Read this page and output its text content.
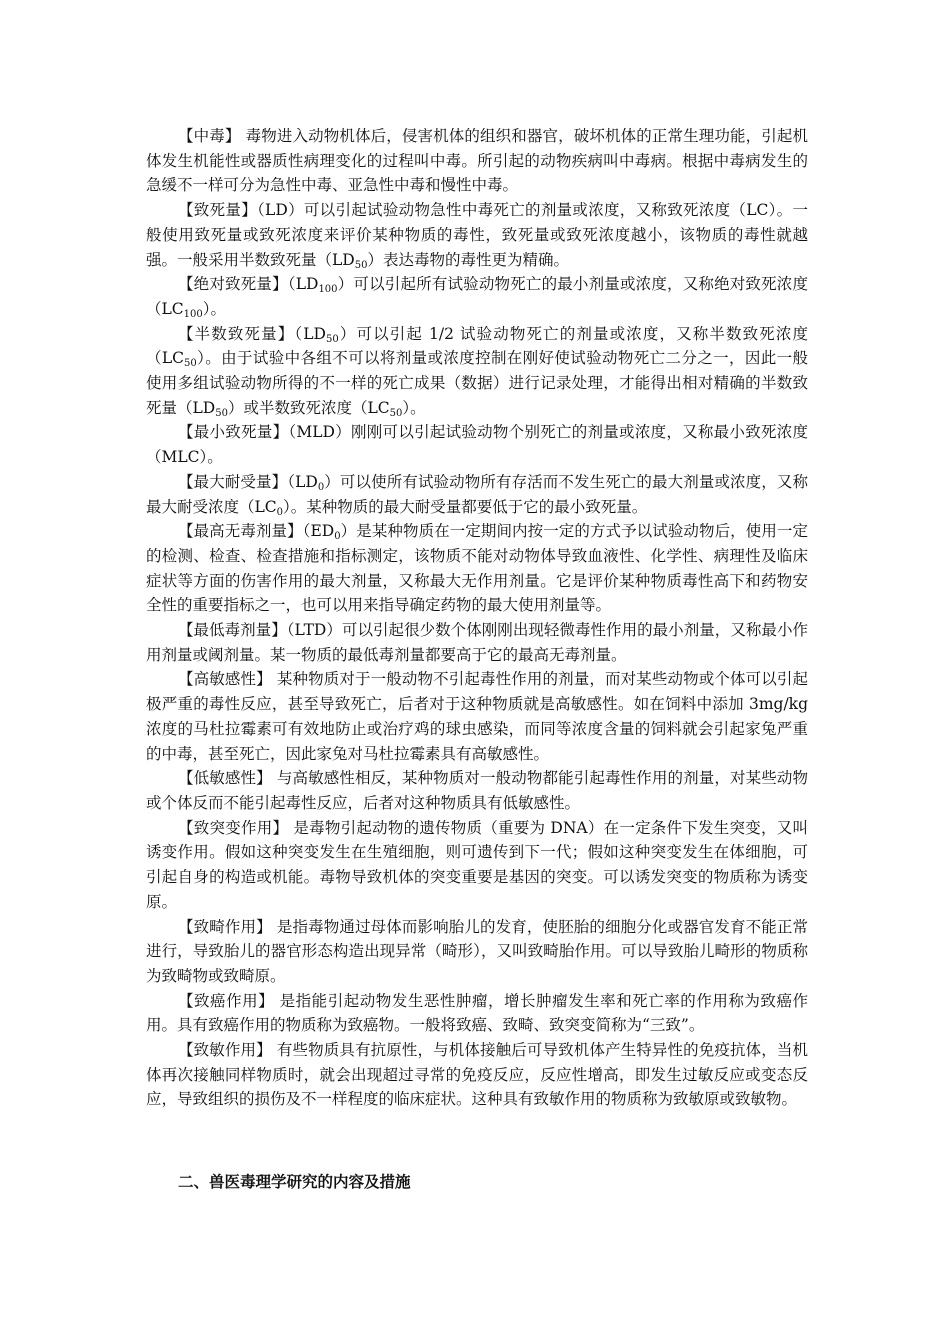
【中毒】 毒物进入动物机体后，侵害机体的组织和器官，破坏机体的正常生理功能，引起机体发生机能性或器质性病理变化的过程叫中毒。所引起的动物疾病叫中毒病。根据中毒病发生的急缓不一样可分为急性中毒、亚急性中毒和慢性中毒。

【致死量】（LD）可以引起试验动物急性中毒死亡的剂量或浓度，又称致死浓度（LC）。一般使用致死量或致死浓度来评价某种物质的毒性，致死量或致死浓度越小，该物质的毒性就越强。一般采用半数致死量$(LD_{50})$表达毒物的毒性更为精确。

【绝对致死量】$(LD_{100})$可以引起所有试验动物死亡的最小剂量或浓度，又称绝对致死浓度$(LC_{100})$。

【半数致死量】$(LD_{50})$可以引起 1/2 试验动物死亡的剂量或浓度，又称半数致死浓度$(LC_{50})$。由于试验中各组不可以将剂量或浓度控制在刚好使试验动物死亡二分之一，因此一般使用多组试验动物所得的不一样的死亡成果（数据）进行记录处理，才能得出相对精确的半数致死量$(LD_{50})$或半数致死浓度$(LC_{50})$。

【最小致死量】（MLD）刚刚可以引起试验动物个别死亡的剂量或浓度，又称最小致死浓度（MLC）。

【最大耐受量】$(LD_0)$可以使所有试验动物所有存活而不发生死亡的最大剂量或浓度，又称最大耐受浓度$(LC_0)$。某种物质的最大耐受量都要低于它的最小致死量。

【最高无毒剂量】$(ED_0)$是某种物质在一定期间内按一定的方式予以试验动物后，使用一定的检测、检查、检查措施和指标测定，该物质不能对动物体导致血液性、化学性、病理性及临床症状等方面的伤害作用的最大剂量，又称最大无作用剂量。它是评价某种物质毒性高下和药物安全性的重要指标之一，也可以用来指导确定药物的最大使用剂量等。

【最低毒剂量】（LTD）可以引起很少数个体刚刚出现轻微毒性作用的最小剂量，又称最小作用剂量或阈剂量。某一物质的最低毒剂量都要高于它的最高无毒剂量。

【高敏感性】 某种物质对于一般动物不引起毒性作用的剂量，而对某些动物或个体可以引起极严重的毒性反应，甚至导致死亡，后者对于这种物质就是高敏感性。如在饲料中添加 3mg/kg 浓度的马杜拉霉素可有效地防止或治疗鸡的球虫感染，而同等浓度含量的饲料就会引起家兔严重的中毒，甚至死亡，因此家兔对马杜拉霉素具有高敏感性。

【低敏感性】 与高敏感性相反，某种物质对一般动物都能引起毒性作用的剂量，对某些动物或个体反而不能引起毒性反应，后者对这种物质具有低敏感性。

【致突变作用】 是毒物引起动物的遗传物质（重要为 DNA）在一定条件下发生突变，又叫诱变作用。假如这种突变发生在生殖细胞，则可遗传到下一代；假如这种突变发生在体细胞，可引起自身的构造或机能。毒物导致机体的突变重要是基因的突变。可以诱发突变的物质称为诱变原。

【致畸作用】 是指毒物通过母体而影响胎儿的发育，使胚胎的细胞分化或器官发育不能正常进行，导致胎儿的器官形态构造出现异常（畸形），又叫致畸胎作用。可以导致胎儿畸形的物质称为致畸物或致畸原。

【致癌作用】 是指能引起动物发生恶性肿瘤，增长肿瘤发生率和死亡率的作用称为致癌作用。具有致癌作用的物质称为致癌物。一般将致癌、致畸、致突变简称为“三致”。

【致敏作用】 有些物质具有抗原性，与机体接触后可导致机体产生特异性的免疫抗体，当机体再次接触同样物质时，就会出现超过寻常的免疫反应，反应性增高，即发生过敏反应或变态反应，导致组织的损伤及不一样程度的临床症状。这种具有致敏作用的物质称为致敏原或致敏物。

二、兽医毒理学研究的内容及措施
